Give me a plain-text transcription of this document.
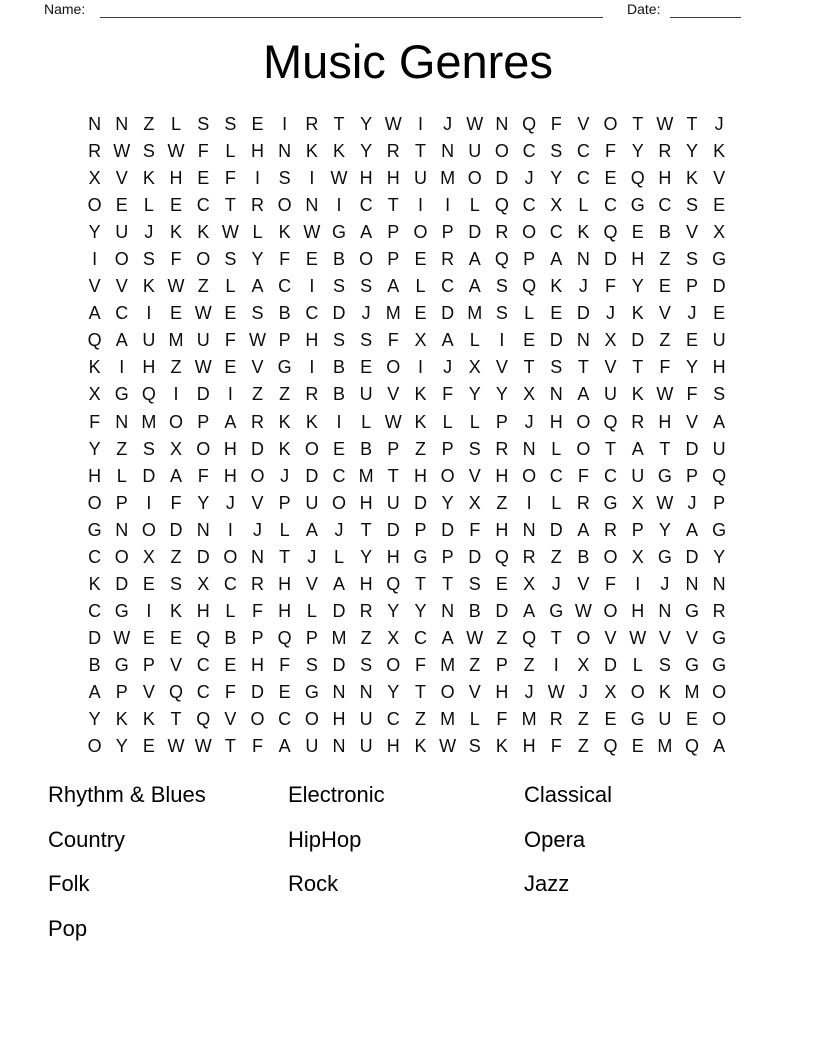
Name:	Date:
Music Genres
N N Z L S S E	I	R T Y W I	J W N Q F V O T W T J
R W S W F L H N K K Y R T N U O C S C F Y R Y K
X V K H E F	I	S	I W H H U M O D J Y C E Q H K V
O E L E C T R O N	I	C T	I	I	L Q C X L C G C S E
Y U J K K W L K W G A P O P D R O C K Q E B V X
I O S F O S Y F E B O P E R A Q P A N D H Z S G
V V K W Z L A C	I	S S A L C A S Q K J F Y E P D
A C	I	E W E S B C D J M E D M S L E D J K V J E
Q A U M U F W P H S S F X A L	I	E D N X D Z E U
K	I	H Z W E V G I	B E O I	J X V T S T V T F Y H
X G Q I	D	I	Z Z R B U V K F Y Y X N A U K W F S
F N M O P A R K K	I	L W K L L P J H O Q R H V A
Y Z S X O H D K O E B P Z P S R N L O T A T D U
H L D A F H O J D C M T H O V H O C F C U G P Q
O P	I	F Y J V P U O H U D Y X Z	I	L R G X W J P
G N O D N	I	J L A J T D P D F H N D A R P Y A G
C O X Z D O N T J L Y H G P D Q R Z B O X G D Y
K D E S X C R H V A H Q T T S E X J V F	I	J N N
C G I	K H L F H L D R Y Y N B D A G W O H N G R
D W E E Q B P Q P M Z X C A W Z Q T O V W V V G
B G P V C E H F S D S O F M Z P Z	I	X D L S G G
A P V Q C F D E G N N Y T O V H J W J X O K M O
Y K K T Q V O C O H U C Z M L F M R Z E G U E O
O Y E W W T F A U N U H K W S K H F Z Q E M Q A
Rhythm & Blues
Country
Folk
Pop
Electronic
HipHop
Rock
Classical
Opera
Jazz
